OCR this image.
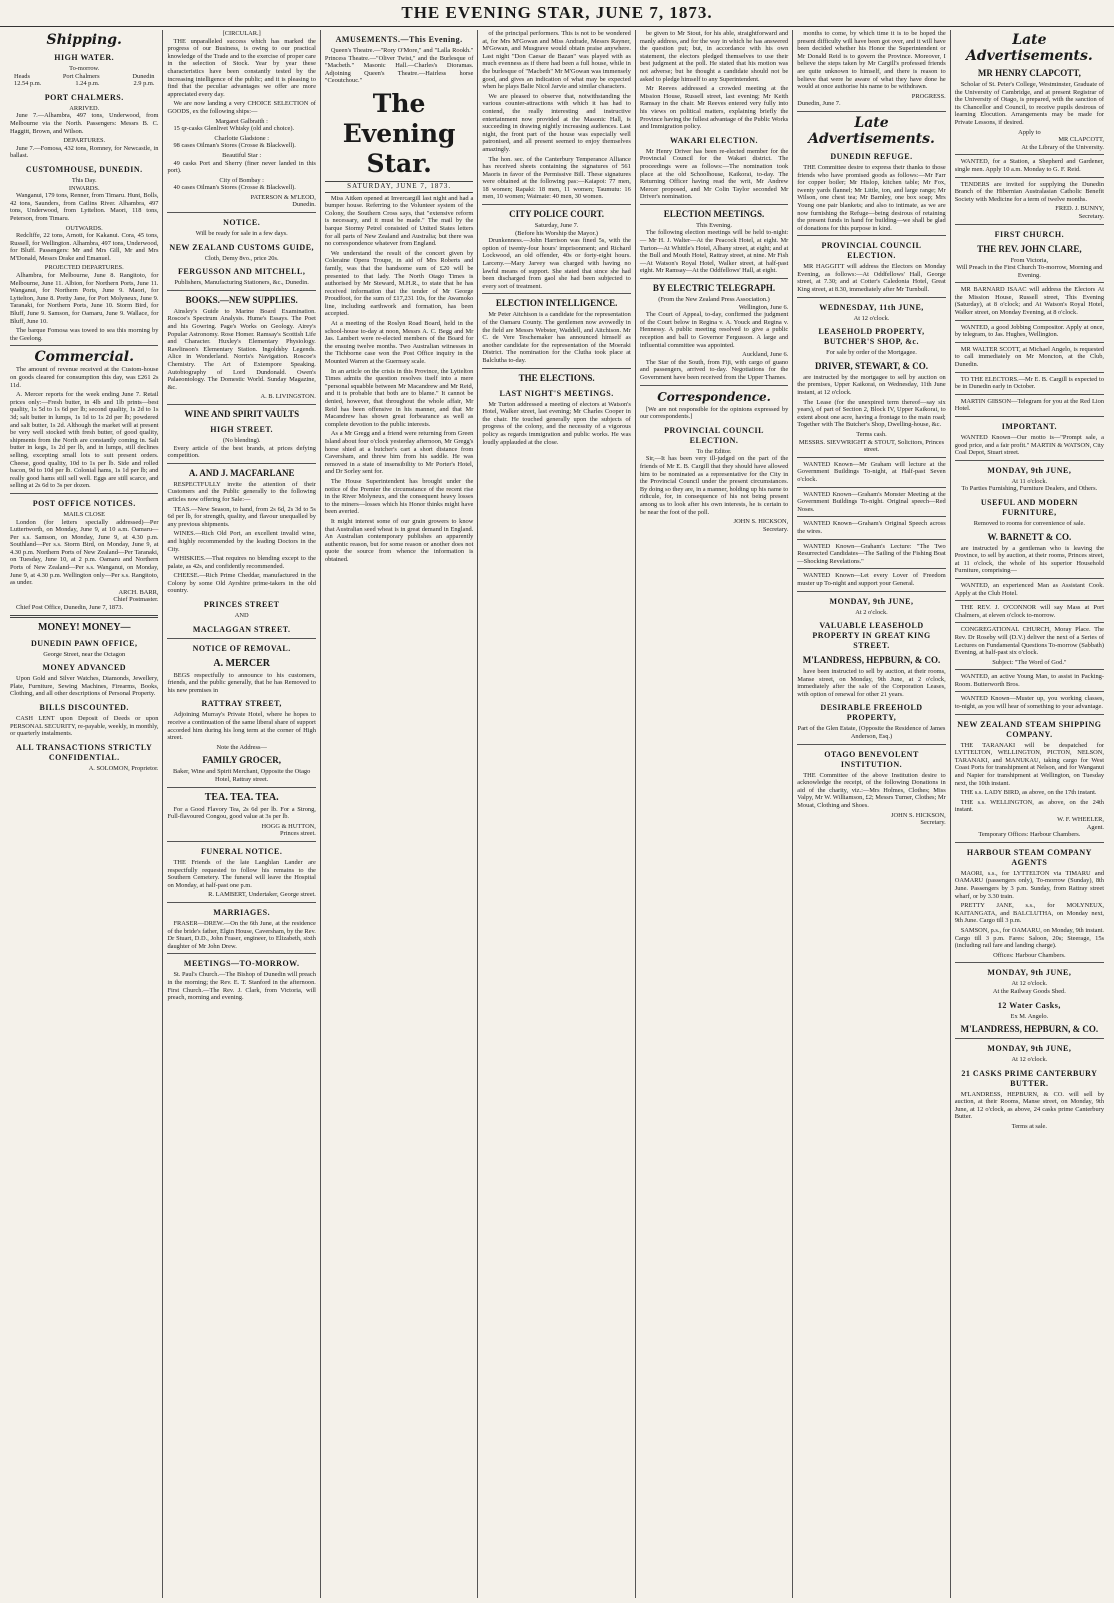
THE EVENING STAR, JUNE 7, 1873.
Shipping.
HIGH WATER.
To-morrow.
Heads	Port Chalmers	Dunedin
12.54 p.m.	1.24 p.m.	2.9 p.m.
PORT CHALMERS.
ARRIVED.
June 7.—Alhambra, 497 tons, Underwood, from Melbourne via the North. Passengers: Messrs B. C. Haggitt, Brown, and Wilson.
DEPARTURES.
June 7.—Fomosa, 432 tons, Romney, for Newcastle, in ballast.
CUSTOMHOUSE, DUNEDIN.
This Day.
INWARDS.
Wanganui, 179 tons, Renner, from Timaru. Hunt, Bolls, 42 tons, Saunders, from Catlins River. Alhambra, 497 tons, Underwood, from Lyttelton. Maori, 118 tons, Peterson, from Timaru.
OUTWARDS.
Redcliffe, 22 tons, Arnott, for Kakanui. Cora, 45 tons, Russell, for Wellington. Alhambra, 497 tons, Underwood, for Bluff. Passengers: Mr and Mrs Gill, Mr and Mrs M'Donald, Messrs Drake and Emanuel.
PROJECTED DEPARTURES.
Alhambra, for Melbourne, June 8. Rangitoto, for Melbourne, June 11. Albion, for Northern Ports, June 11. Wanganui, for Northern Ports, June 9. Maori, for Lyttelton, June 8. Pretty Jane, for Port Molyneux, June 9. Taranaki, for Northern Ports, June 10. Storm Bird, for Bluff, June 9. Samson, for Oamaru, June 9. Wallace, for Bluff, June 10.
The barque Fomosa was towed to sea this morning by the Geelong.
Commercial.
The amount of revenue received at the Custom-house on goods cleared for consumption this day, was £261 2s 11d.
A. Mercer reports for the week ending June 7. Retail prices only:—Fresh butter, in 4lb and 1lb prints—best quality, 1s 5d to 1s 6d per lb; second quality, 1s 2d to 1s 3d; salt butter in lumps, 1s 1d to 1s 2d per lb; powdered and salt butter, 1s 2d. Although the market will at present be very well stocked with fresh butter, of good quality, shipments from the North are constantly coming in. Salt butter in kegs, 1s 2d per lb, and in lumps, still declines selling, excepting small lots to suit present orders. Cheese, good quality, 10d to 1s per lb. Side and rolled bacon, 9d to 10d per lb. Colonial hams, 1s 1d per lb; and really good hams still sell well. Eggs are still scarce, and selling at 2s 6d to 3s per dozen.
POST OFFICE NOTICES.
MAILS CLOSE
London (for letters specially addressed)—Per Luttertworth, on Monday, June 9, at 10 a.m. Oamaru—Per s.s. Samson, on Monday, June 9, at 4.30 p.m. Southland—Per s.s. Storm Bird, on Monday, June 9, at 4.30 p.m. Northern Ports of New Zealand—Per Taranaki, on Tuesday, June 10, at 2 p.m. Oamaru and Northern Ports of New Zealand—Per s.s. Wanganui, on Monday, June 9, at 4.30 p.m. Wellington only—Per s.s. Rangitoto, as under.
ARCH. BARR,
Chief Postmaster.
Chief Post Office, Dunedin, June 7, 1873.
MONEY! MONEY—
DUNEDIN PAWN OFFICE,
George Street, near the Octagon
MONEY ADVANCED
Upon Gold and Silver Watches, Diamonds, Jewellery, Plate, Furniture, Sewing Machines, Firearms, Books, Clothing, and all other descriptions of Personal Property.
BILLS DISCOUNTED.
CASH LENT upon Deposit of Deeds or upon PERSONAL SECURITY, re-payable, weekly, in monthly, or quarterly instalments.
ALL TRANSACTIONS STRICTLY CONFIDENTIAL.
A. SOLOMON, Proprietor.
[CIRCULAR.]
THE unparalleled success which has marked the progress of our Business, is owing to our practical knowledge of the Trade and to the exercise of proper care in the selection of Stock. Year by year these characteristics have been constantly tested by the increasing intelligence of the public; and it is pleasing to find that the peculiar advantages we offer are more appreciated every day.
We are now landing a very CHOICE SELECTION of GOODS, ex the following ships:—
Margaret Galbraith :
15 qr-casks Glenlivet Whisky (old and choice).
Charlotte Gladstone :
98 cases Oilman's Stores (Crosse & Blackwell).
Beautiful Star :
49 casks Port and Sherry (finer never landed in this port).
City of Bombay :
40 cases Oilman's Stores (Crosse & Blackwell).
PATERSON & M'LEOD,
Dunedin.
NOTICE.
Will be ready for sale in a few days.
NEW ZEALAND CUSTOMS GUIDE,
Cloth, Demy 8vo., price 20s.
FERGUSSON AND MITCHELL,
Publishers, Manufacturing Stationers, &c., Dunedin.
BOOKS.—NEW SUPPLIES.
Ainsley's Guide to Marine Board Examination. Roscoe's Spectrum Analysis. Hume's Essays. The Poet and his Gowring. Page's Works on Geology. Airey's Popular Astronomy. Rose Homer. Ramsay's Scottish Life and Character. Huxley's Elementary Physiology. Rawlinson's Elementary Station. Ingoldsby Legends. Alice in Wonderland. Norris's Navigation. Roscoe's Chemistry. The Art of Extempore Speaking. Autobiography of Lord Dundonald. Owen's Palaeontology. The Domestic World. Sunday Magazine, &c.
A. B. LIVINGSTON.
WINE AND SPIRIT VAULTS
HIGH STREET.
(No blending).
Every article of the best brands, at prices defying competition.
A. AND J. MACFARLANE
RESPECTFULLY invite the attention of their Customers and the Public generally to the following articles now offering for Sale:—
TEAS.—New Season, to hand, from 2s 6d, 2s 3d to 5s 6d per lb, for strength, quality, and flavour unequalled by any previous shipments.
WINES.—Rich Old Port, an excellent invalid wine, and highly recommended by the leading Doctors in the City.
WHISKIES.—That requires no blending except to the palate, as 42s, and confidently recommended.
CHEESE.—Rich Prime Cheddar, manufactured in the Colony by some Old Ayrshire prime-takers in the old country.
PRINCES STREET
AND
MACLAGGAN STREET.
NOTICE OF REMOVAL.
A. MERCER
BEGS respectfully to announce to his customers, friends, and the public generally, that he has Removed to his new premises in
RATTRAY STREET,
Adjoining Murray's Private Hotel, where he hopes to receive a continuation of the same liberal share of support accorded him during his long term at the corner of High street.
Note the Address—
FAMILY GROCER,
Baker, Wine and Spirit Merchant, Opposite the Otago Hotel, Rattray street.
TEA. TEA. TEA.
For a Good Flavory Tea, 2s 6d per lb. For a Strong, Full-flavoured Congou, good value at 3s per lb.
HOGG & HUTTON,
Princes street.
FUNERAL NOTICE.
THE Friends of the late Langhlan Lander are respectfully requested to follow his remains to the Southern Cemetery. The funeral will leave the Hospital on Monday, at half-past one p.m.
R. LAMBERT, Undertaker, George street.
MARRIAGES.
FRASER—DREW.—On the 6th June, at the residence of the bride's father, Elgin House, Caversham, by the Rev. Dr Stuart, D.D., John Fraser, engineer, to Elizabeth, sixth daughter of Mr John Drew.
MEETINGS—TO-MORROW.
St. Paul's Church.—The Bishop of Dunedin will preach in the morning; the Rev. E. T. Stanford in the afternoon. First Church.—The Rev. J. Clark, from Victoria, will preach, morning and evening.
AMUSEMENTS.—This Evening.
Queen's Theatre.—"Rory O'More," and "Lalla Rookh." Princess Theatre.—"Oliver Twist," and the Burlesque of "Macbeth." Masonic Hall.—Charles's Dioramas. Adjoining Queen's Theatre.—Hairless horse "Ceoutchouc."
The Evening Star.
SATURDAY, JUNE 7, 1873.
Miss Aitken opened at Invercargill last night and had a bumper house. Referring to the Volunteer system of the Colony, the Southern Cross says, that "extensive reform is necessary, and it must be made." The mail by the barque Stormy Petrel consisted of United States letters for all parts of New Zealand and Australia; but there was no correspondence whatever from England.
We understand the result of the concert given by Coleraine Opera Troupe, in aid of Mrs Roberts and family, was that the handsome sum of £20 will be presented to that lady. The North Otago Times is authorised by Mr Steward, M.H.R., to state that he has received information that the tender of Mr George Proudfoot, for the sum of £17,231 10s, for the Awamoko line, including earthwork and formation, has been accepted.
At a meeting of the Roslyn Road Board, held in the school-house to-day at noon, Messrs A. C. Begg and Mr Jas. Lambert were re-elected members of the Board for the ensuing twelve months. Two Australian witnesses in the Tichborne case won the Post Office inquiry in the Mounted Warren at the Guernsey scale.
In an article on the crisis in this Province, the Lyttelton Times admits the question resolves itself into a mere "personal squabble between Mr Macandrew and Mr Reid, and it is probable that both are to blame." It cannot be denied, however, that throughout the whole affair, Mr Reid has been offensive in his manner, and that Mr Macandrew has shown great forbearance as well as complete devotion to the public interests.
As a Mr Gregg and a friend were returning from Green Island about four o'clock yesterday afternoon, Mr Gregg's horse shied at a butcher's cart a short distance from Caversham, and threw him from his saddle. He was removed in a state of insensibility to Mr Porter's Hotel, and Dr Sorley sent for.
The House Superintendent has brought under the notice of the Premier the circumstance of the recent rise in the River Molyneux, and the consequent heavy losses to the miners—losses which his Honor thinks might have been averted.
It might interest some of our grain growers to know that Australian seed wheat is in great demand in England. An Australian contemporary publishes an apparently authentic reason, but for some reason or another does not quote the source from whence the information is obtained.
of the principal performers. This is not to be wondered at, for Mrs M'Gowan and Miss Andrade, Messrs Rayner, M'Gowan, and Musgrave would obtain praise anywhere. Last night "Don Caesar de Bazan" was played with as much evenness as if there had been a full house, while in the burlesque of "Macbeth" Mr M'Gowan was immensely good, and gives an indication of what may be expected when he plays Balie Nicol Jarvie and similar characters.
We are pleased to observe that, notwithstanding the various counter-attractions with which it has had to contend, the really interesting and instructive entertainment now provided at the Masonic Hall, is succeeding in drawing nightly increasing audiences. Last night, the front part of the house was especially well patronised, and all present seemed to enjoy themselves amazingly.
The hon. sec. of the Canterbury Temperance Alliance has received sheets containing the signatures of 561 Maoris in favor of the Permissive Bill. These signatures were obtained at the following pas:—Kaiapoi: 77 men, 18 women; Rapaki: 18 men, 11 women; Taumutu: 16 men, 10 women; Waimate: 40 men, 30 women.
CITY POLICE COURT.
Saturday, June 7.
(Before his Worship the Mayor.)
Drunkenness.—John Harrison was fined 5s, with the option of twenty-four hours' imprisonment; and Richard Lockwood, an old offender, 40s or forty-eight hours. Larceny.—Mary Jarvey was charged with having no lawful means of support. She stated that since she had been discharged from gaol she had been subjected to every sort of treatment.
ELECTION INTELLIGENCE.
Mr Peter Aitchison is a candidate for the representation of the Oamaru County. The gentlemen now avowedly in the field are Messrs Webster, Waddell, and Aitchison. Mr C. de Vere Teschemaker has announced himself as another candidate for the representation of the Moeraki District. The nomination for the Clutha took place at Balclutha to-day.
THE ELECTIONS.
LAST NIGHT'S MEETINGS.
Mr Turton addressed a meeting of electors at Watson's Hotel, Walker street, last evening; Mr Charles Cooper in the chair. He touched generally upon the subjects of progress of the colony, and the necessity of a vigorous policy as regards immigration and public works. He was loudly applauded at the close.
be given to Mr Stout, for his able, straightforward and manly address, and for the way in which he has answered the question put; but, in accordance with his own statement, the electors pledged themselves to use their best judgment at the poll. He stated that his motion was not adverse; but he thought a candidate should not be asked to pledge himself to any Superintendent.
Mr Reeves addressed a crowded meeting at the Mission House, Russell street, last evening; Mr Keith Ramsay in the chair. Mr Reeves entered very fully into his views on political matters, explaining briefly the Province having the fullest advantage of the Public Works and Immigration policy.
WAKARI ELECTION.
Mr Henry Driver has been re-elected member for the Provincial Council for the Wakari district. The proceedings were as follows:—The nomination took place at the old Schoolhouse, Kaikorai, to-day. The Returning Officer having read the writ, Mr Andrew Mercer proposed, and Mr Colin Taylor seconded Mr Driver's nomination.
ELECTION MEETINGS.
This Evening.
The following election meetings will be held to-night:— Mr H. J. Walter—At the Peacock Hotel, at eight. Mr Turton—At Whittle's Hotel, Albany street, at eight; and at the Bull and Mouth Hotel, Rattray street, at nine. Mr Fish—At Watson's Royal Hotel, Walker street, at half-past eight. Mr Ramsay—At the Oddfellows' Hall, at eight.
BY ELECTRIC TELEGRAPH.
(From the New Zealand Press Association.)
Wellington, June 6.
The Court of Appeal, to-day, confirmed the judgment of the Court below in Regina v. A. Youck and Regina v. Hennessy. A public meeting resolved to give a public reception and ball to Governor Fergusson. A large and influential committee was appointed.
Auckland, June 6.
The Star of the South, from Fiji, with cargo of guano and passengers, arrived to-day. Negotiations for the Government have been received from the Upper Thames.
Correspondence.
[We are not responsible for the opinions expressed by our correspondents.]
PROVINCIAL COUNCIL ELECTION.
To the Editor.
Sir,—It has been very ill-judged on the part of the friends of Mr E. B. Cargill that they should have allowed him to be nominated as a representative for the City in the Provincial Council under the present circumstances. By doing so they are, in a manner, holding up his name to ridicule, for, in consequence of his not being present among us to look after his own interests, he is certain to be near the foot of the poll.
JOHN S. HICKSON,
Secretary.
months to come, by which time it is to be hoped the present difficulty will have been got over, and it will have been decided whether his Honor the Superintendent or Mr Donald Reid is to govern the Province. Moreover, I believe the steps taken by Mr Cargill's professed friends are quite unknown to himself, and there is reason to believe that were he aware of what they have done he would at once authorise his name to be withdrawn.
PROGRESS.
Dunedin, June 7.
Late Advertisements.
DUNEDIN REFUGE.
THE Committee desire to express their thanks to those friends who have promised goods as follows:—Mr Farr for copper boiler; Mr Hislop, kitchen table; Mr Fox, twenty yards flannel; Mr Little, ton, and large range; Mr Wilson, one chest tea; Mr Barnley, one box soap; Mrs Young one pair blankets; and also to intimate, as we are now furnishing the Refuge—being desirous of retaining the present funds in hand for building—we shall be glad of donations for this purpose in kind.
PROVINCIAL COUNCIL ELECTION.
MR HAGGITT will address the Electors on Monday Evening, as follows:—At Oddfellows' Hall, George street, at 7.30; and at Cotter's Caledonia Hotel, Great King street, at 8.30, immediately after Mr Turnbull.
WEDNESDAY, 11th JUNE,
At 12 o'clock.
LEASEHOLD PROPERTY, BUTCHER'S SHOP, &c.
For sale by order of the Mortgagee.
DRIVER, STEWART, & CO.
are instructed by the mortgagee to sell by auction on the premises, Upper Kaikorai, on Wednesday, 11th June instant, at 12 o'clock.
The Lease (for the unexpired term thereof—say six years), of part of Section 2, Block IV, Upper Kaikorai, to extent about one acre, having a frontage to the main road; Together with The Butcher's Shop, Dwelling-house, &c.
Terms cash.
MESSRS. SIEVWRIGHT & STOUT, Solicitors, Princes street.
WANTED Known—Mr Graham will lecture at the Government Buildings To-night, at Half-past Seven o'clock.
WANTED Known—Graham's Monster Meeting at the Government Buildings To-night. Original speech—Red Noses.
WANTED Known—Graham's Original Speech across the wires.
WANTED Known—Graham's Lecture: "The Two Resurrected Candidates—The Sailing of the Fishing Boat—Shocking Revelations."
WANTED Known—Let every Lover of Freedom muster up To-night and support your General.
MONDAY, 9th JUNE,
At 2 o'clock.
VALUABLE LEASEHOLD PROPERTY IN GREAT KING STREET.
M'LANDRESS, HEPBURN, & CO.
have been instructed to sell by auction, at their rooms, Manse street, on Monday, 9th June, at 2 o'clock, immediately after the sale of the Corporation Leases, with option of renewal for other 21 years.
DESIRABLE FREEHOLD PROPERTY,
Part of the Glen Estate, (Opposite the Residence of James Anderson, Esq.)
OTAGO BENEVOLENT INSTITUTION.
THE Committee of the above Institution desire to acknowledge the receipt, of the following Donations in aid of the charity, viz.:—Mrs Holmes, Clothes; Miss Valpy, Mr W. Williamson, £2; Messrs Turner, Clothes; Mr Mouat, Clothing and Shoes.
JOHN S. HICKSON,
Secretary.
Late Advertisements.
MR HENRY CLAPCOTT,
Scholar of St. Peter's College, Westminster, Graduate of the University of Cambridge, and at present Registrar of the University of Otago, is prepared, with the sanction of its Chancellor and Council, to receive pupils desirous of learning Elocution. Arrangements may be made for Private Lessons, if desired.
Apply to
MR CLAPCOTT,
At the Library of the University.
WANTED, for a Station, a Shepherd and Gardener, single men. Apply 10 a.m. Monday to G. F. Reid.
TENDERS are invited for supplying the Dunedin Branch of the Hibernian Australasian Catholic Benefit Society with Medicine for a term of twelve months.
FRED. J. BUNNY,
Secretary.
FIRST CHURCH.
THE REV. JOHN CLARE,
From Victoria,
Will Preach in the First Church To-morrow, Morning and Evening.
MR BARNARD ISAAC will address the Electors At the Mission House, Russell street, This Evening (Saturday), at 8 o'clock; and At Watson's Royal Hotel, Walker street, on Monday Evening, at 8 o'clock.
WANTED, a good Jobbing Compositor. Apply at once, by telegram, to Jas. Hughes, Wellington.
MR WALTER SCOTT, at Michael Angelo, is requested to call immediately on Mr Moncton, at the Club, Dunedin.
TO THE ELECTORS.—Mr E. B. Cargill is expected to be in Dunedin early in October.
MARTIN GIBSON—Telegram for you at the Red Lion Hotel.
IMPORTANT.
WANTED Known—Our motto is—"Prompt sale, a good price, and a fair profit." MARTIN & WATSON, City Coal Depot, Stuart street.
MONDAY, 9th JUNE,
At 11 o'clock.
To Parties Furnishing, Furniture Dealers, and Others.
USEFUL AND MODERN FURNITURE,
Removed to rooms for convenience of sale.
W. BARNETT & CO.
are instructed by a gentleman who is leaving the Province, to sell by auction, at their rooms, Princes street, at 11 o'clock, the whole of his superior Household Furniture, comprising—
WANTED, an experienced Man as Assistant Cook. Apply at the Club Hotel.
THE REV. J. O'CONNOR will say Mass at Port Chalmers, at eleven o'clock to-morrow.
CONGREGATIONAL CHURCH, Moray Place. The Rev. Dr Roseby will (D.V.) deliver the next of a Series of Lectures on Fundamental Questions To-morrow (Sabbath) Evening, at half-past six o'clock.
Subject: "The Word of God."
WANTED, an active Young Man, to assist in Packing-Room. Butterworth Bros.
WANTED Known—Muster up, you working classes, to-night, as you will hear of something to your advantage.
NEW ZEALAND STEAM SHIPPING COMPANY.
THE TARANAKI will be despatched for LYTTELTON, WELLINGTON, PICTON, NELSON, TARANAKI, and MANUKAU, taking cargo for West Coast Ports for transhipment at Nelson, and for Wanganui and Napier for transhipment at Wellington, on Tuesday next, the 10th instant.
THE s.s. LADY BIRD, as above, on the 17th instant.
THE s.s. WELLINGTON, as above, on the 24th instant.
W. F. WHEELER,
Agent.
Temporary Offices: Harbour Chambers.
HARBOUR STEAM COMPANY AGENTS
MAORI, s.s., for LYTTELTON via TIMARU and OAMARU (passengers only), To-morrow (Sunday), 8th June. Passengers by 3 p.m. Sunday, from Rattray street wharf, or by 3.30 train.
PRETTY JANE, s.s., for MOLYNEUX, KAITANGATA, and BALCLUTHA, on Monday next, 9th June. Cargo till 3 p.m.
SAMSON, p.s., for OAMARU, on Monday, 9th instant. Cargo till 3 p.m. Fares: Saloon, 20s; Steerage, 15s (including rail fare and landing charge).
Offices: Harbour Chambers.
MONDAY, 9th JUNE,
At 12 o'clock.
At the Railway Goods Shed.
12 Water Casks,
Ex M. Angelo.
M'LANDRESS, HEPBURN, & CO.
MONDAY, 9th JUNE,
At 12 o'clock.
21 CASKS PRIME CANTERBURY BUTTER.
M'LANDRESS, HEPBURN, & CO. will sell by auction, at their Rooms, Manse street, on Monday, 9th June, at 12 o'clock, as above, 24 casks prime Canterbury Butter.
Terms at sale.
